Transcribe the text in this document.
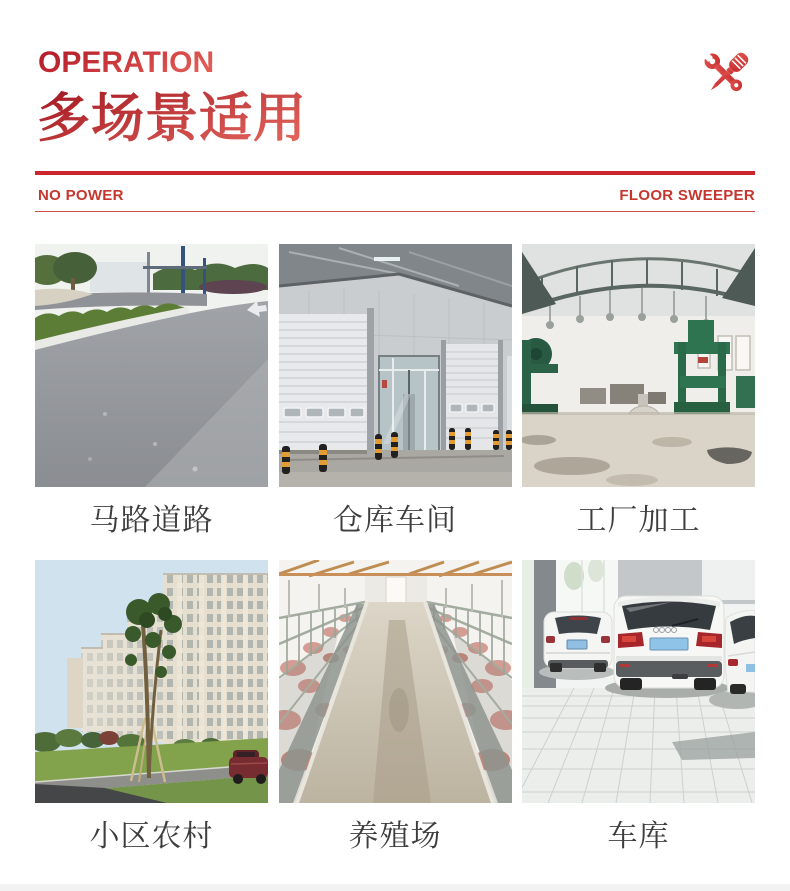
OPERATION
多场景适用
NO POWER	FLOOR SWEEPER
马路道路	仓库车间	工厂加工
小区农村	养殖场	车库
